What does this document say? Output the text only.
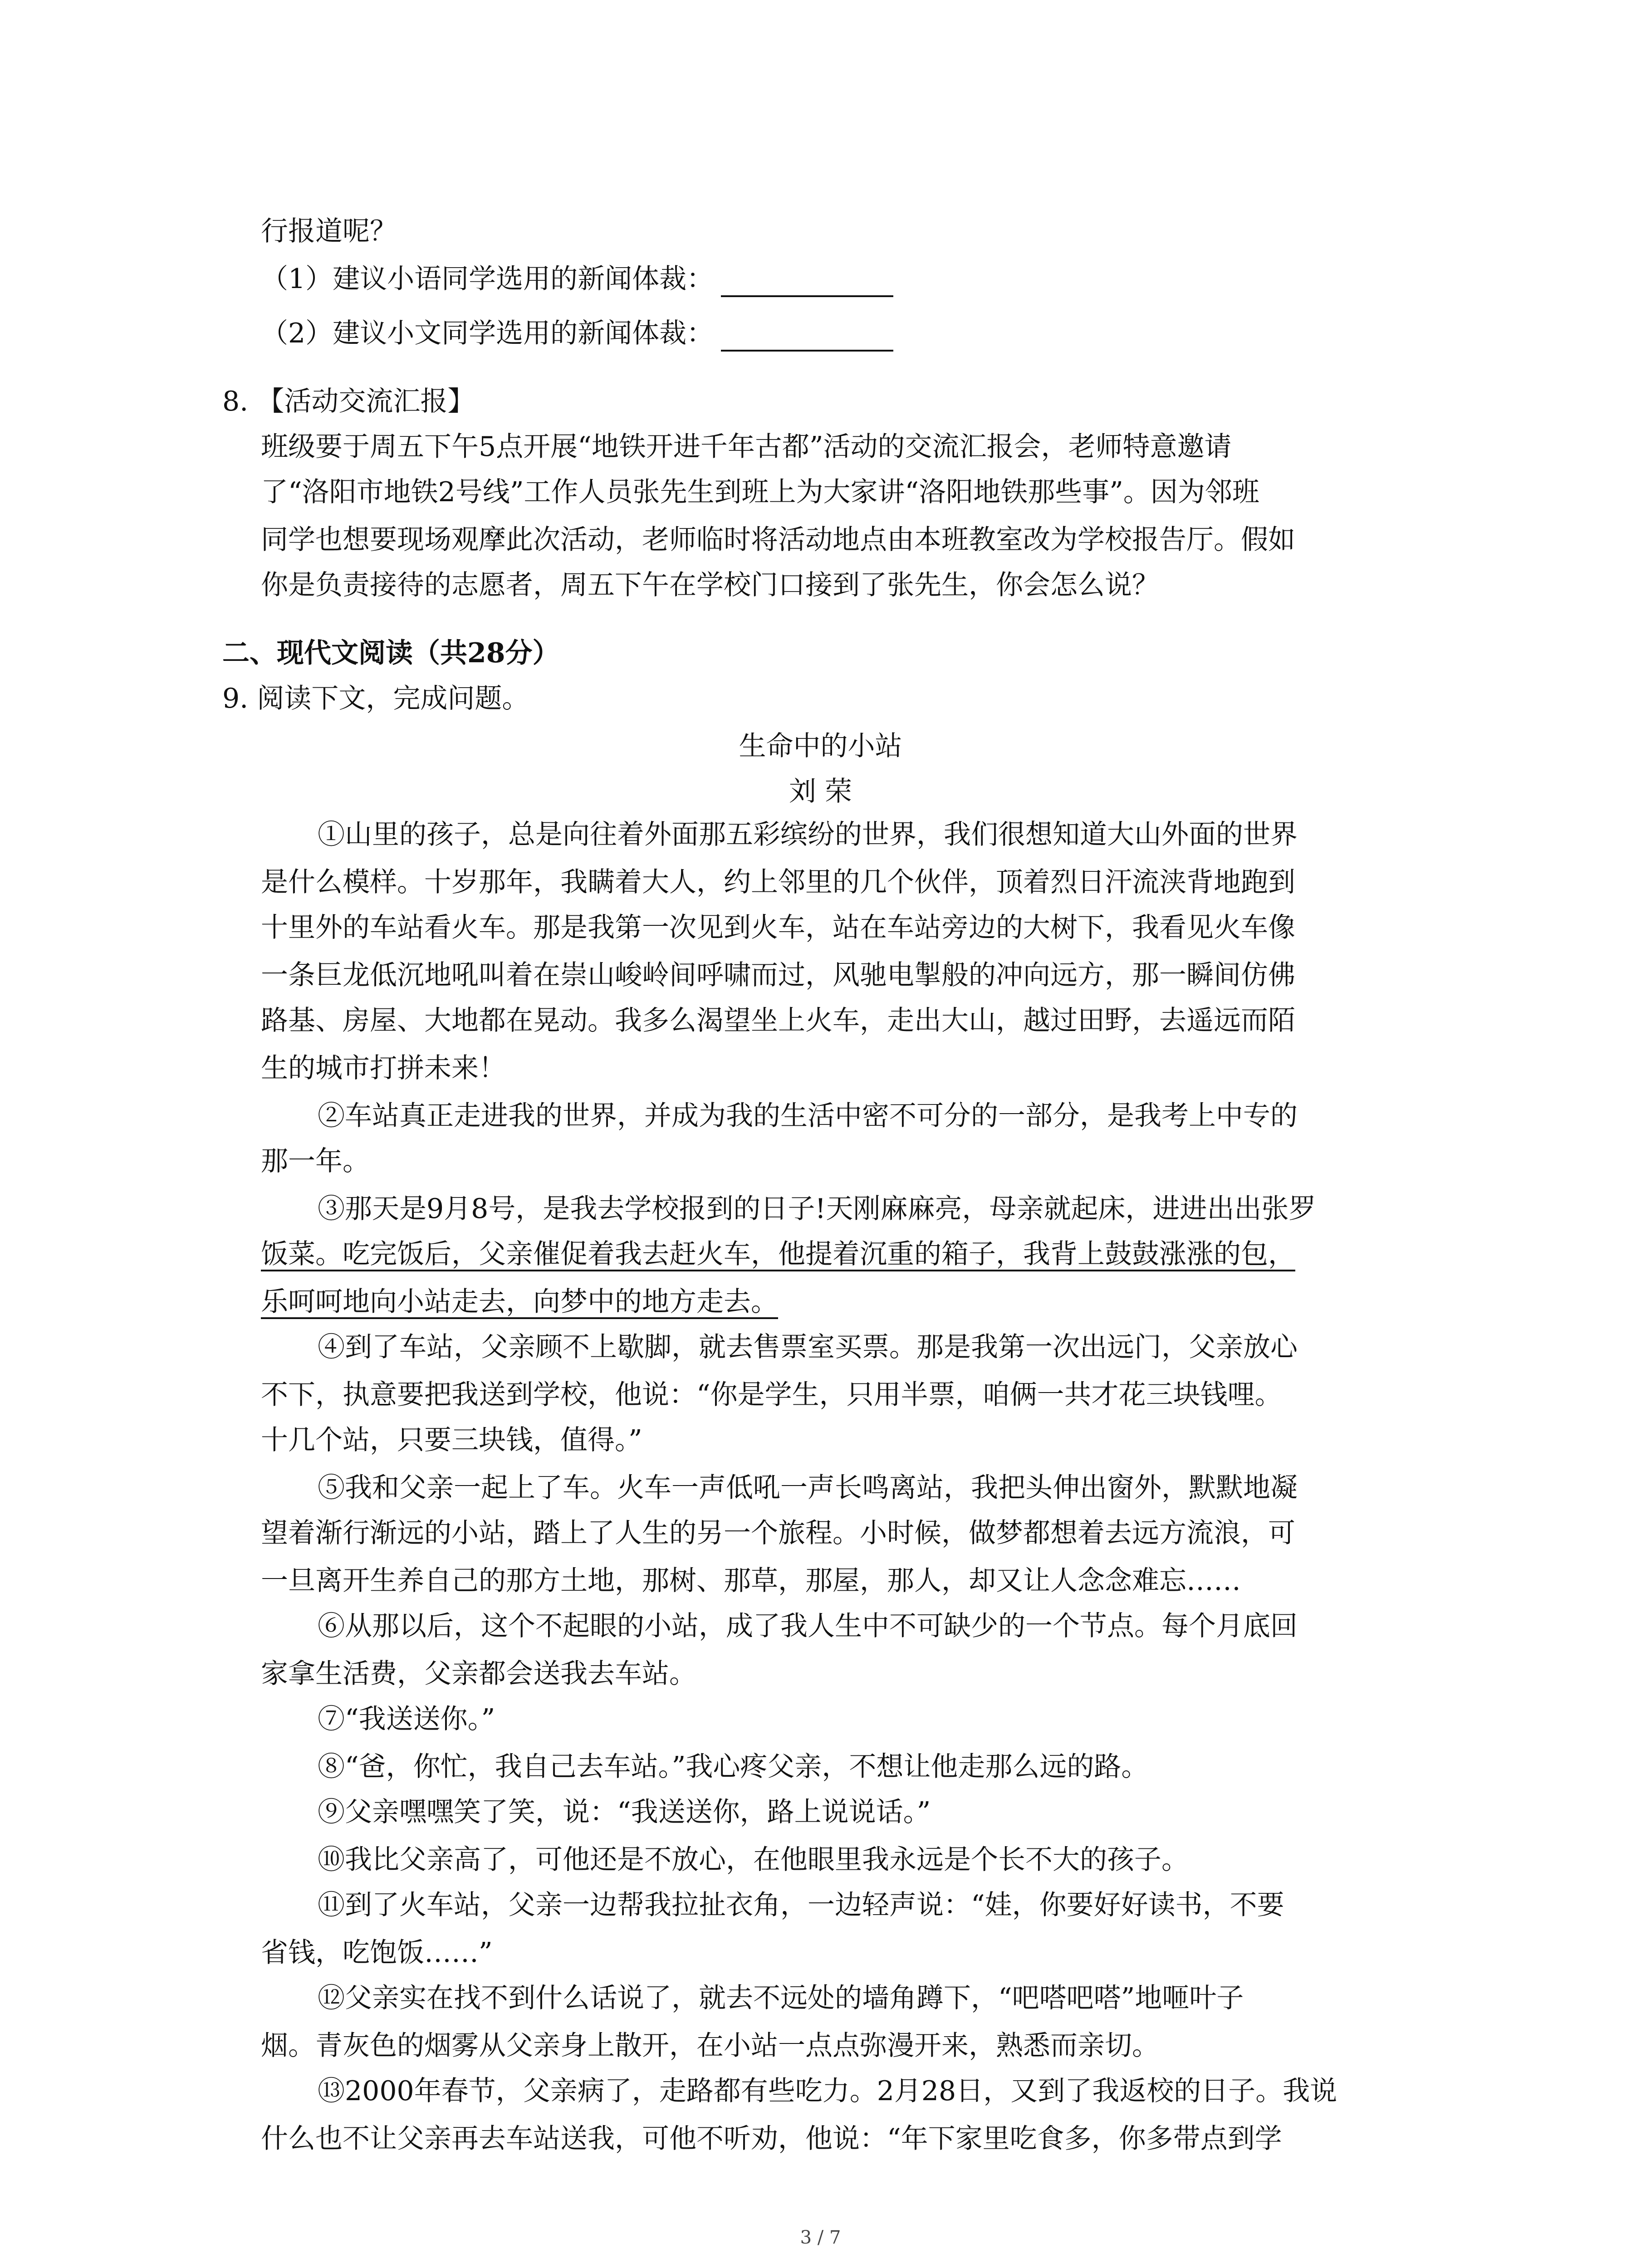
行报道呢？
（1）建议小语同学选用的新闻体裁：
（2）建议小文同学选用的新闻体裁：
8. 【活动交流汇报】
班级要于周五下午5点开展“地铁开进千年古都”活动的交流汇报会，老师特意邀请
了“洛阳市地铁2号线”工作人员张先生到班上为大家讲“洛阳地铁那些事”。因为邻班
同学也想要现场观摩此次活动，老师临时将活动地点由本班教室改为学校报告厅。假如
你是负责接待的志愿者，周五下午在学校门口接到了张先生，你会怎么说？
二、现代文阅读（共28分）
9. 阅读下文，完成问题。
生命中的小站
刘 荣
①山里的孩子，总是向往着外面那五彩缤纷的世界，我们很想知道大山外面的世界
是什么模样。十岁那年，我瞒着大人，约上邻里的几个伙伴，顶着烈日汗流浃背地跑到
十里外的车站看火车。那是我第一次见到火车，站在车站旁边的大树下，我看见火车像
一条巨龙低沉地吼叫着在崇山峻岭间呼啸而过，风驰电掣般的冲向远方，那一瞬间仿佛
路基、房屋、大地都在晃动。我多么渴望坐上火车，走出大山，越过田野，去遥远而陌
生的城市打拼未来！
②车站真正走进我的世界，并成为我的生活中密不可分的一部分，是我考上中专的
那一年。
③那天是9月8号，是我去学校报到的日子!天刚麻麻亮，母亲就起床，进进出出张罗
饭菜。吃完饭后，父亲催促着我去赶火车，他提着沉重的箱子，我背上鼓鼓涨涨的包，
乐呵呵地向小站走去，向梦中的地方走去。
④到了车站，父亲顾不上歇脚，就去售票室买票。那是我第一次出远门，父亲放心
不下，执意要把我送到学校，他说：“你是学生，只用半票，咱俩一共才花三块钱哩。
十几个站，只要三块钱，值得。”
⑤我和父亲一起上了车。火车一声低吼一声长鸣离站，我把头伸出窗外，默默地凝
望着渐行渐远的小站，踏上了人生的另一个旅程。小时候，做梦都想着去远方流浪，可
一旦离开生养自己的那方土地，那树、那草，那屋，那人，却又让人念念难忘……
⑥从那以后，这个不起眼的小站，成了我人生中不可缺少的一个节点。每个月底回
家拿生活费，父亲都会送我去车站。
⑦“我送送你。”
⑧“爸，你忙，我自己去车站。”我心疼父亲，不想让他走那么远的路。
⑨父亲嘿嘿笑了笑，说：“我送送你，路上说说话。”
⑩我比父亲高了，可他还是不放心，在他眼里我永远是个长不大的孩子。
⑪到了火车站，父亲一边帮我拉扯衣角，一边轻声说：“娃，你要好好读书，不要
省钱，吃饱饭……”
⑫父亲实在找不到什么话说了，就去不远处的墙角蹲下，“吧嗒吧嗒”地咂叶子
烟。青灰色的烟雾从父亲身上散开，在小站一点点弥漫开来，熟悉而亲切。
⑬2000年春节，父亲病了，走路都有些吃力。2月28日，又到了我返校的日子。我说
什么也不让父亲再去车站送我，可他不听劝，他说：“年下家里吃食多，你多带点到学
3 / 7
